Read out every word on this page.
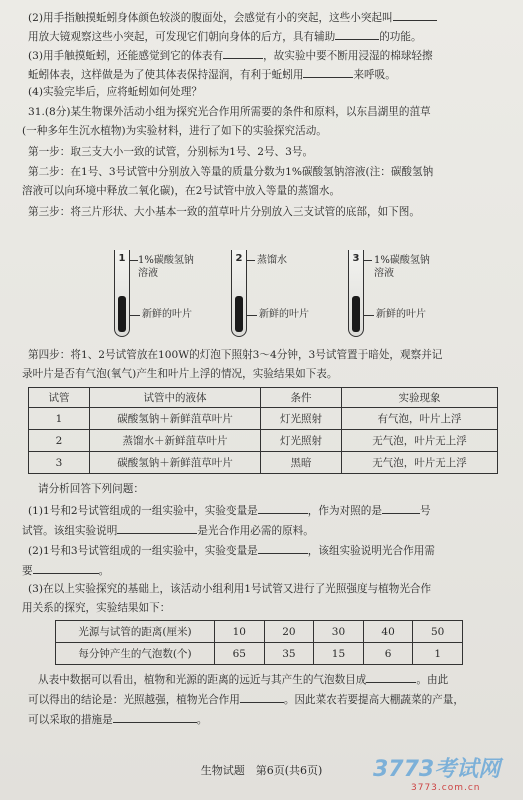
(2)用手指触摸蚯蚓身体颜色较淡的腹面处，会感觉有小的突起，这些小突起叫
用放大镜观察这些小突起，可发现它们朝向身体的后方，具有辅助	的功能。
(3)用手触摸蚯蚓，还能感觉到它的体表有	，故实验中要不断用浸湿的棉球轻擦
蚯蚓体表，这样做是为了使其体表保持湿润，有利于蚯蚓用	来呼吸。
(4)实验完毕后，应将蚯蚓如何处理？
31.(8分)某生物课外活动小组为探究光合作用所需要的条件和原料，以东昌湖里的菹草
(一种多年生沉水植物)为实验材料，进行了如下的实验探究活动。
第一步：取三支大小一致的试管，分别标为1号、2号、3号。
第二步：在1号、3号试管中分别放入等量的质量分数为1%碳酸氢钠溶液(注：碳酸氢钠
溶液可以向环境中释放二氧化碳)，在2号试管中放入等量的蒸馏水。
第三步：将三片形状、大小基本一致的菹草叶片分别放入三支试管的底部，如下图。
1	1%碳酸氢钠
溶液
新鲜的叶片
2	蒸馏水
新鲜的叶片
3	1%碳酸氢钠
溶液
新鲜的叶片
第四步：将1、2号试管放在100W的灯泡下照射3～4分钟，3号试管置于暗处，观察并记
录叶片是否有气泡(氧气)产生和叶片上浮的情况，实验结果如下表。
试管	试管中的液体	条件	实验现象
1	碳酸氢钠＋新鲜菹草叶片	灯光照射	有气泡，叶片上浮
2	蒸馏水＋新鲜菹草叶片	灯光照射	无气泡，叶片无上浮
3	碳酸氢钠＋新鲜菹草叶片	黑暗	无气泡，叶片无上浮
请分析回答下列问题：
(1)1号和2号试管组成的一组实验中，实验变量是	，作为对照的是	号
试管。该组实验说明	是光合作用必需的原料。
(2)1号和3号试管组成的一组实验中，实验变量是	，该组实验说明光合作用需
要	。
(3)在以上实验探究的基础上，该活动小组利用1号试管又进行了光照强度与植物光合作
用关系的探究，实验结果如下：
光源与试管的距离(厘米)	10	20	30	40	50
每分钟产生的气泡数(个)	65	35	15	6	1
从表中数据可以看出，植物和光源的距离的远近与其产生的气泡数目成	。由此
可以得出的结论是：光照越强，植物光合作用	。因此菜农若要提高大棚蔬菜的产量，
可以采取的措施是	。
生物试题　第6页(共6页)	3773考试网
3773.com.cn
